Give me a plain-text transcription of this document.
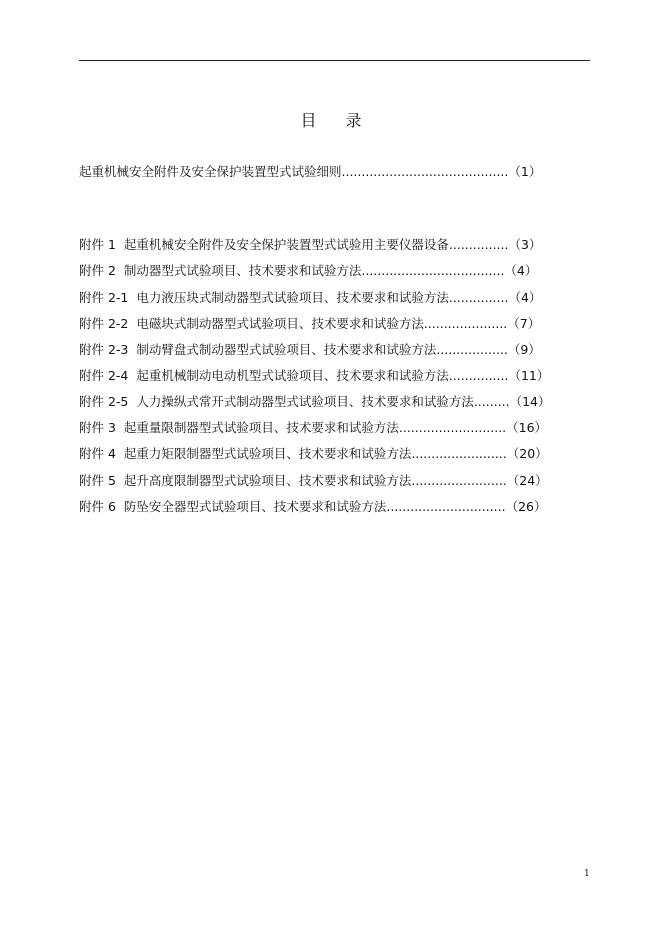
目 录
起重机械安全附件及安全保护装置型式试验细则..........................................（1）
附件 1  起重机械安全附件及安全保护装置型式试验用主要仪器设备...............（3）
附件 2  制动器型式试验项目、技术要求和试验方法....................................（4）
附件 2-1  电力液压块式制动器型式试验项目、技术要求和试验方法...............（4）
附件 2-2  电磁块式制动器型式试验项目、技术要求和试验方法.....................（7）
附件 2-3  制动臂盘式制动器型式试验项目、技术要求和试验方法..................（9）
附件 2-4  起重机械制动电动机型式试验项目、技术要求和试验方法...............（11）
附件 2-5  人力操纵式常开式制动器型式试验项目、技术要求和试验方法.........（14）
附件 3  起重量限制器型式试验项目、技术要求和试验方法...........................（16）
附件 4  起重力矩限制器型式试验项目、技术要求和试验方法........................（20）
附件 5  起升高度限制器型式试验项目、技术要求和试验方法........................（24）
附件 6  防坠安全器型式试验项目、技术要求和试验方法..............................（26）
1
